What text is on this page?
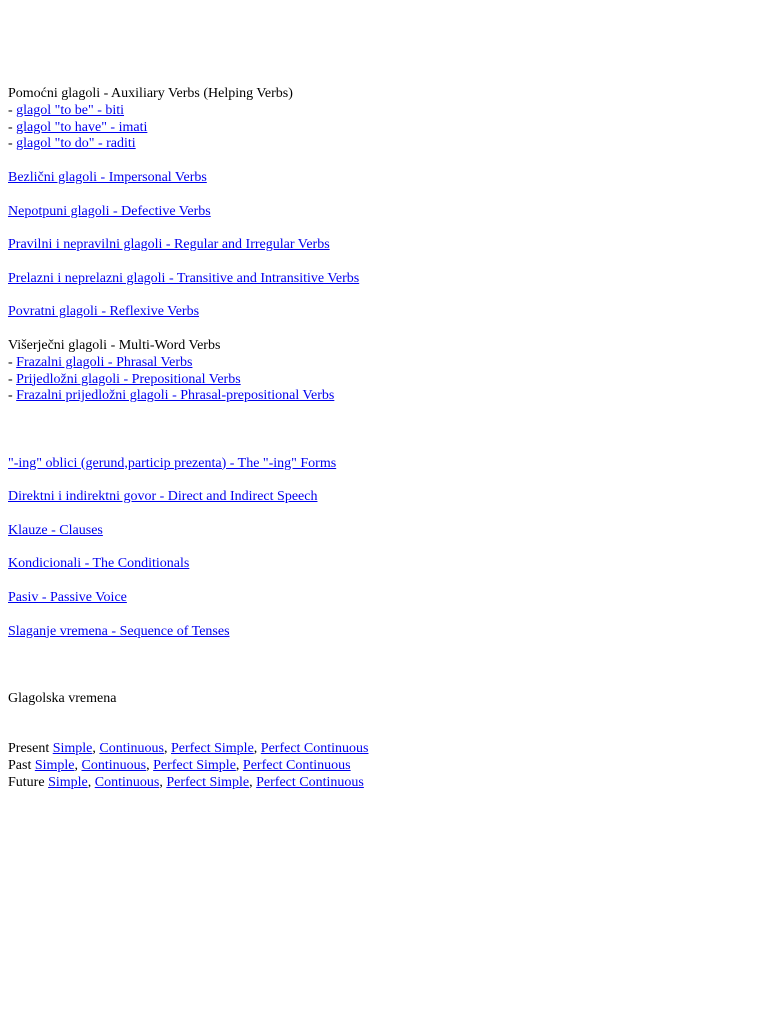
Pomoćni glagoli - Auxiliary Verbs (Helping Verbs)
- glagol "to be" - biti
- glagol "to have" - imati
- glagol "to do" - raditi
Bezlični glagoli - Impersonal Verbs
Nepotpuni glagoli - Defective Verbs
Pravilni i nepravilni glagoli - Regular and Irregular Verbs
Prelazni i neprelazni glagoli - Transitive and Intransitive Verbs
Povratni glagoli - Reflexive Verbs
Višerječni glagoli - Multi-Word Verbs
- Frazalni glagoli - Phrasal Verbs
- Prijedložni glagoli - Prepositional Verbs
- Frazalni prijedložni glagoli - Phrasal-prepositional Verbs
"-ing" oblici (gerund,particip prezenta) - The "-ing" Forms
Direktni i indirektni govor - Direct and Indirect Speech
Klauze - Clauses
Kondicionali - The Conditionals
Pasiv - Passive Voice
Slaganje vremena - Sequence of Tenses
Glagolska vremena
Present Simple, Continuous, Perfect Simple, Perfect Continuous
Past Simple, Continuous, Perfect Simple, Perfect Continuous
Future Simple, Continuous, Perfect Simple, Perfect Continuous
